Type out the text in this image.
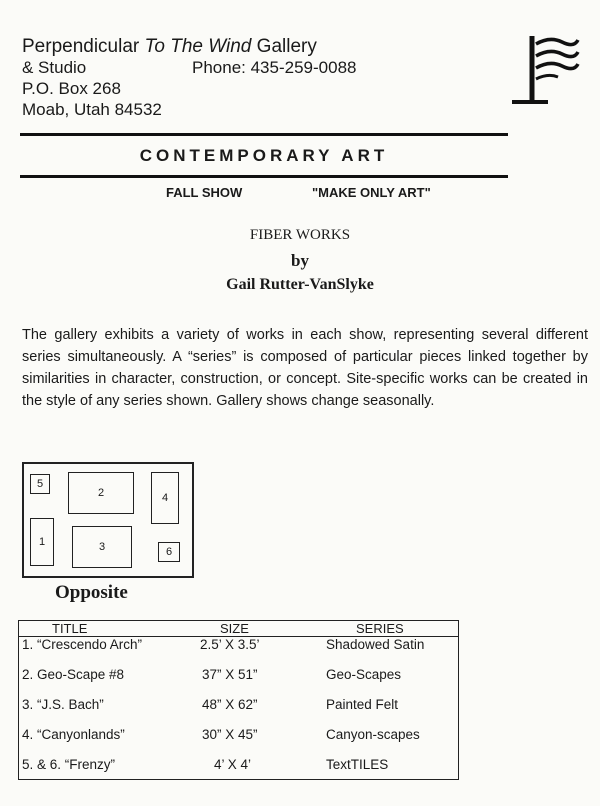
Perpendicular To The Wind Gallery
& Studio	Phone: 435-259-0088
P.O. Box 268
Moab, Utah 84532
CONTEMPORARY ART
FALL SHOW	"MAKE ONLY ART"
FIBER WORKS
by
Gail Rutter-VanSlyke
The gallery exhibits a variety of works in each show, representing several different series simultaneously. A “series” is composed of particular pieces linked together by similarities in character, construction, or concept. Site-specific works can be created in the style of any series shown. Gallery shows change seasonally.
5
2	4
1	3	6
Opposite
TITLE	SIZE	SERIES
1. “Crescendo Arch”	2.5’ X 3.5’	Shadowed Satin
2. Geo-Scape #8	37” X 51”	Geo-Scapes
3. “J.S. Bach”	48” X 62”	Painted Felt
4. “Canyonlands”	30” X 45”	Canyon-scapes
5. & 6. “Frenzy”	4’ X 4’	TextTILES
